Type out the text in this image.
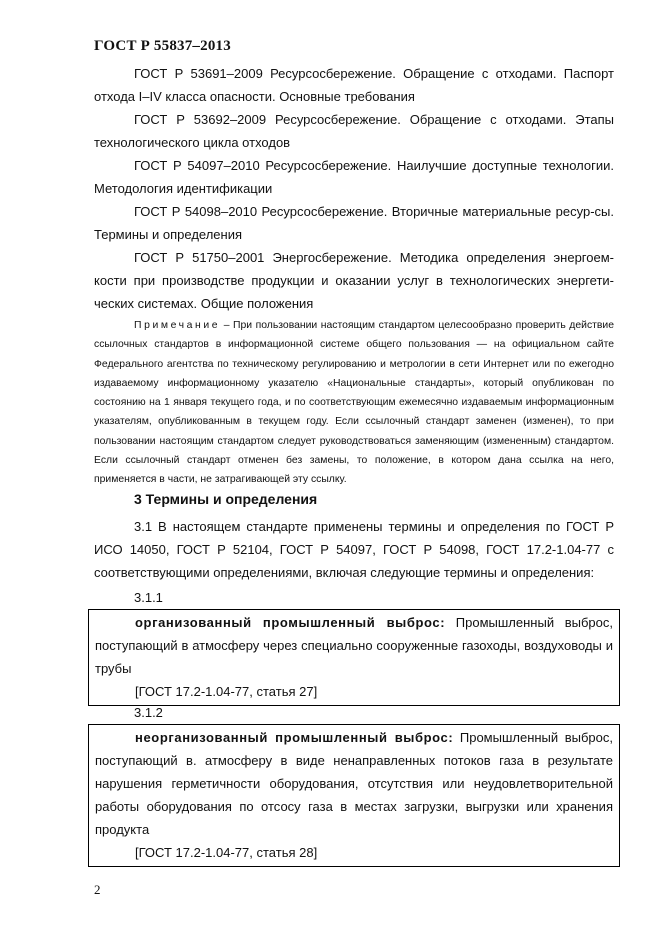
ГОСТ Р 55837–2013

ГОСТ Р 53691–2009 Ресурсосбережение. Обращение с отходами. Паспорт отхода I–IV класса опасности. Основные требования

ГОСТ Р 53692–2009 Ресурсосбережение. Обращение с отходами. Этапы технологического цикла отходов

ГОСТ Р 54097–2010 Ресурсосбережение. Наилучшие доступные технологии. Методология идентификации

ГОСТ Р 54098–2010 Ресурсосбережение. Вторичные материальные ресур-сы. Термины и определения

ГОСТ Р 51750–2001 Энергосбережение. Методика определения энергоем-кости при производстве продукции и оказании услуг в технологических энергети-ческих системах. Общие положения

Примечание – При пользовании настоящим стандартом целесообразно проверить действие ссылочных стандартов в информационной системе общего пользования — на официальном сайте Федерального агентства по техническому регулированию и метрологии в сети Интернет или по ежегодно издаваемому информационному указателю «Национальные стандарты», который опубликован по состоянию на 1 января текущего года, и по соответствующим ежемесячно издаваемым информационным указателям, опубликованным в текущем году. Если ссылочный стандарт заменен (изменен), то при пользовании настоящим стандартом следует руководствоваться заменяющим (измененным) стандартом. Если ссылочный стандарт отменен без замены, то положение, в котором дана ссылка на него, применяется в части, не затрагивающей эту ссылку.

3 Термины и определения

3.1 В настоящем стандарте применены термины и определения по ГОСТ Р ИСО 14050, ГОСТ Р 52104, ГОСТ Р 54097, ГОСТ Р 54098, ГОСТ 17.2-1.04-77 с соответствующими определениями, включая следующие термины и определения:

3.1.1

организованный промышленный выброс: Промышленный выброс, поступающий в атмосферу через специально сооруженные газоходы, воздуховоды и трубы

[ГОСТ 17.2-1.04-77, статья 27]

3.1.2

неорганизованный промышленный выброс: Промышленный выброс, поступающий в. атмосферу в виде ненаправленных потоков газа в результате нарушения герметичности оборудования, отсутствия или неудовлетворительной работы оборудования по отсосу газа в местах загрузки, выгрузки или хранения продукта

[ГОСТ 17.2-1.04-77, статья 28]

2
